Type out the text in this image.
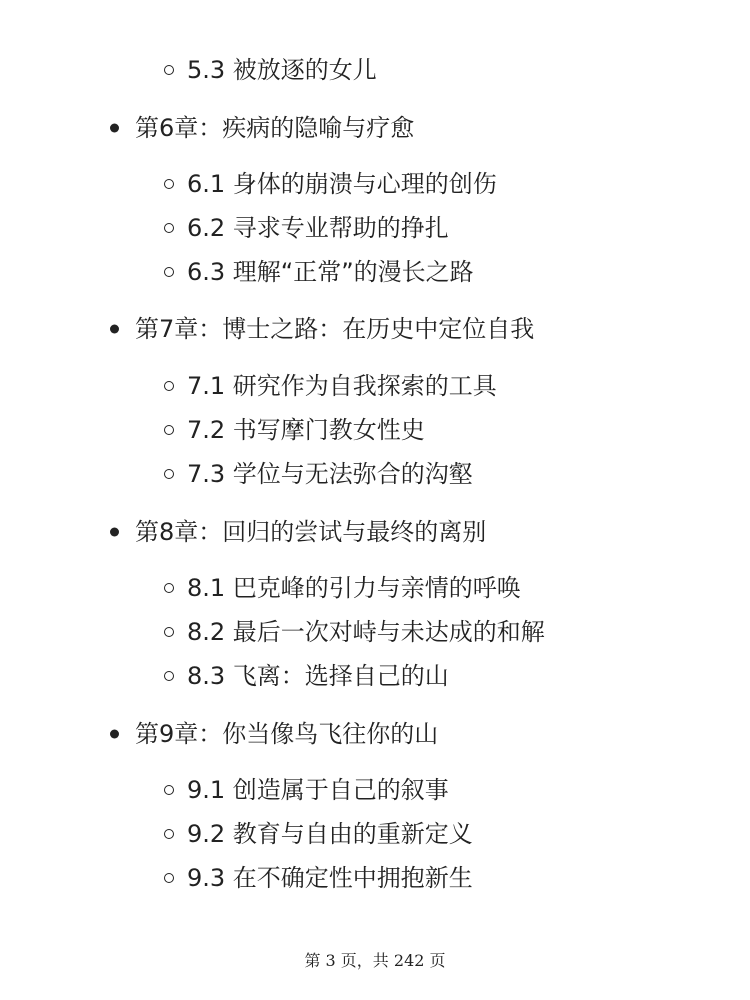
5.3 被放逐的女儿
第6章：疾病的隐喻与疗愈
6.1 身体的崩溃与心理的创伤
6.2 寻求专业帮助的挣扎
6.3 理解“正常”的漫长之路
第7章：博士之路：在历史中定位自我
7.1 研究作为自我探索的工具
7.2 书写摩门教女性史
7.3 学位与无法弥合的沟壑
第8章：回归的尝试与最终的离别
8.1 巴克峰的引力与亲情的呼唤
8.2 最后一次对峙与未达成的和解
8.3 飞离：选择自己的山
第9章：你当像鸟飞往你的山
9.1 创造属于自己的叙事
9.2 教育与自由的重新定义
9.3 在不确定性中拥抱新生
第 3 页，共 242 页
